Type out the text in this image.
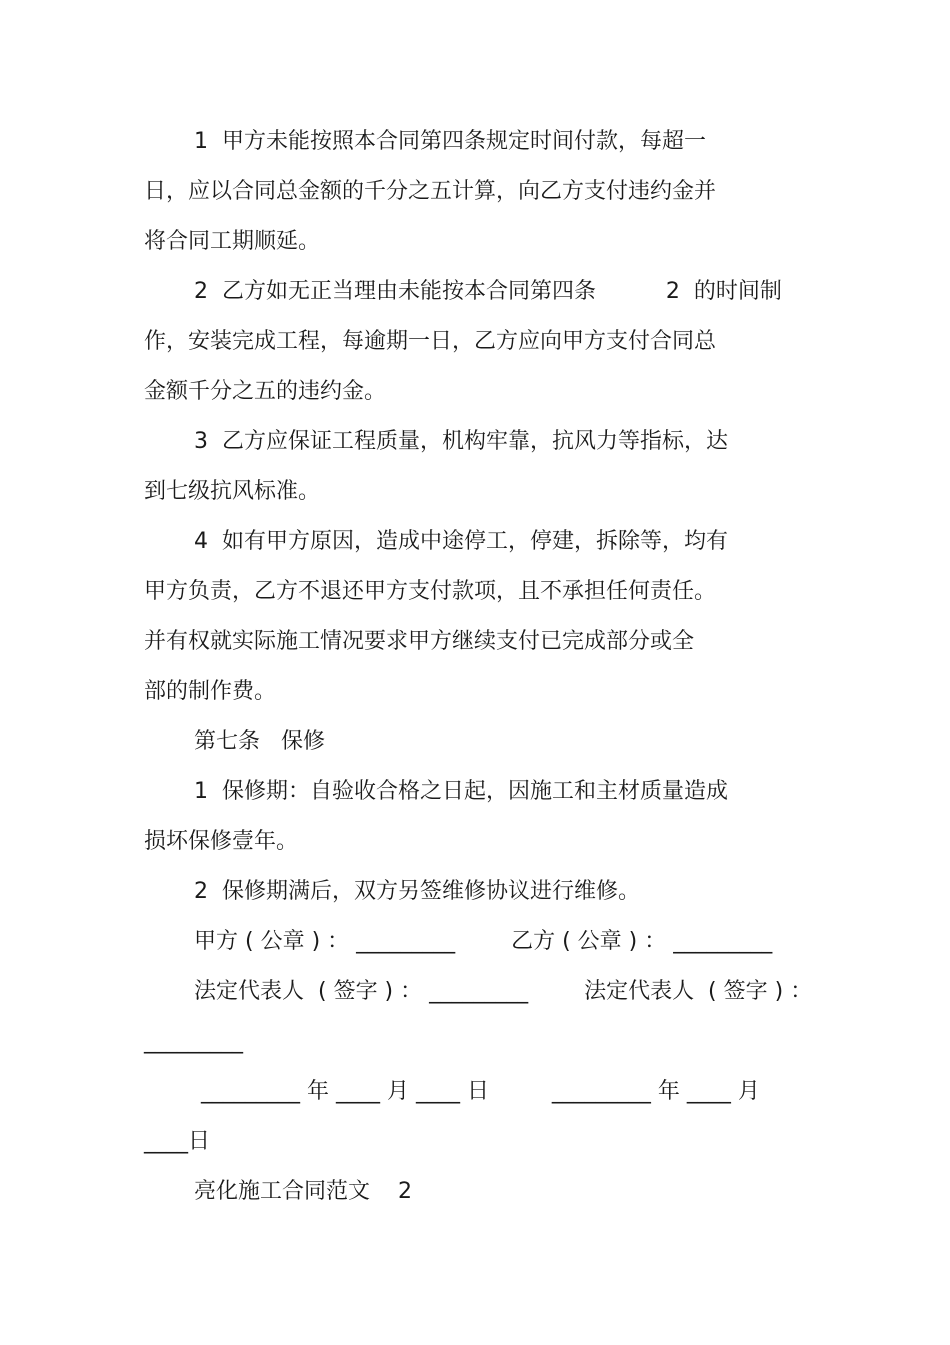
1  甲方未能按照本合同第四条规定时间付款，每超一
日，应以合同总金额的千分之五计算，向乙方支付违约金并
将合同工期顺延。
2  乙方如无正当理由未能按本合同第四条          2  的时间制
作，安装完成工程，每逾期一日，乙方应向甲方支付合同总
金额千分之五的违约金。
3  乙方应保证工程质量，机构牢靠，抗风力等指标，达
到七级抗风标准。
4  如有甲方原因，造成中途停工，停建，拆除等，均有
甲方负责，乙方不退还甲方支付款项，且不承担任何责任。
并有权就实际施工情况要求甲方继续支付已完成部分或全
部的制作费。
第七条   保修
1  保修期：自验收合格之日起，因施工和主材质量造成
损坏保修壹年。
2  保修期满后，双方另签维修协议进行维修。
甲方 ( 公章 ) ： _________        乙方 ( 公章 ) ： _________
法定代表人  ( 签字 ) ： _________        法定代表人  ( 签字 ) ：
_________
_________ 年 ____ 月 ____ 日         _________ 年 ____ 月
____日
亮化施工合同范文    2
